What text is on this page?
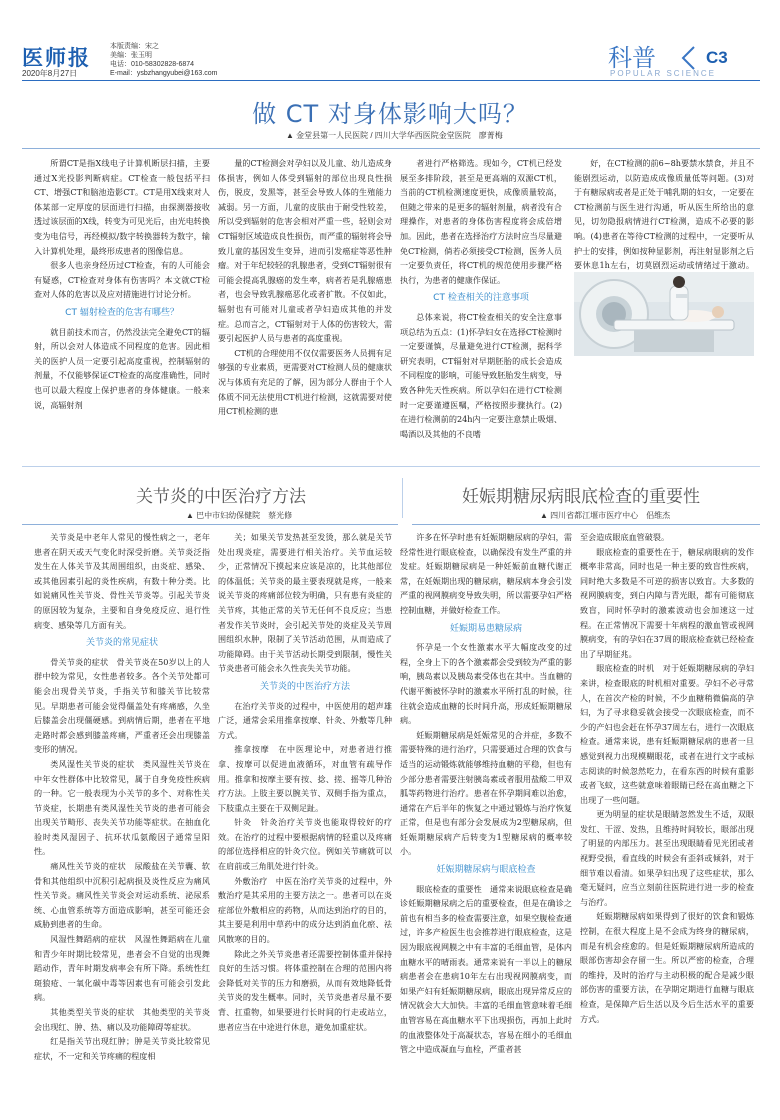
医师报
2020年8月27日
本版责编：宋之
美编：张玉明
电话：010-58302828-6874
E-mail：ysbzhangyubei@163.com
科普
POPULAR SCIENCE
C3
做 CT 对身体影响大吗？
▲ 金堂县第一人民医院 / 四川大学华西医院金堂医院　廖菁梅

所谓CT是指X线电子计算机断层扫描，主要通过X光投影判断病症。CT检查一般包括平扫CT、增强CT和脑池造影CT。CT是用X线束对人体某部一定厚度的层面进行扫描，由探测器接收透过该层面的X线，转变为可见光后，由光电转换变为电信号，再经模拟/数字转换器转为数字，输入计算机处理，最终形成患者的图像信息。

很多人也亲身经历过CT检查，有的人可能会有疑惑，CT检查对身体有伤害吗？本文就CT检查对人体的危害以及应对措施进行讨论分析。

CT 辐射检查的危害有哪些？

就目前技术而言，仍然没法完全避免CT的辐射，所以会对人体造成不同程度的危害。因此相关的医护人员一定要引起高度重视，控制辐射的剂量，不仅能够保证CT检查的高度准确性，同时也可以最大程度上保护患者的身体健康。一般来说，高辐射剂

量的CT检测会对孕妇以及儿童、幼儿造成身体损害，例如人体受到辐射的部位出现良性损伤，脱皮，发黑等，甚至会导致人体的生殖能力减弱。另一方面，儿童的皮肤由于耐受性较差，所以受到辐射的危害会相对严重一些，轻则会对CT辐射区域造成良性损伤，而严重的辐射将会导致儿童的基因发生变异，进而引发癌症等恶性肿瘤。对于年纪较轻的乳腺患者，受到CT辐射很有可能会提高乳腺癌的发生率，病者若是乳腺癌患者，也会导致乳腺癌恶化或者扩散。不仅如此，辐射也有可能对儿童或者孕妇造成其他的并发症。总而言之，CT辐射对于人体的伤害较大，需要引起医护人员与患者的高度重视。

CT机的合理使用不仅仅需要医务人员拥有足够强的专业素质，更需要对CT检测人员的健康状况与体质有充足的了解，因为部分人群由于个人体质不同无法使用CT机进行检测，这就需要对使用CT机检测的患

者进行严格筛选。现如今，CT机已经发展至多排阶段，甚至是更高端的双源CT机，当前的CT机检测速度更快，成像质量较高，但随之带来的是更多的辐射剂量，病者没有合理操作，对患者的身体伤害程度将会成倍增加。因此，患者在选择治疗方法时应当尽量避免CT检测，倘若必须接受CT检测，医务人员一定要负责任，将CT机的规范使用步骤严格执行，为患者的健康作保证。

CT 检查相关的注意事项

总体来说，将CT检查相关的安全注意事项总结为五点：(1)怀孕妇女在选择CT检测时一定要谨慎，尽量避免进行CT检测，据科学研究表明，CT辐射对早期胚胎的成长会造成不同程度的影响，可能导致胚胎发生病变，导致各种先天性疾病。所以孕妇在进行CT检测时一定要谨遵医嘱，严格按照步骤执行。(2)在进行检测前的24h内一定要注意禁止吸烟、喝酒以及其他的不良嗜

好，在CT检测的前6~8h要禁水禁食，并且不能剧烈运动，以防造成成像质量低等问题。(3)对于有糖尿病或者是正处于哺乳期的妇女，一定要在CT检测前与医生进行沟通，听从医生所给出的意见，切勿隐报病情进行CT检测，造成不必要的影响。(4)患者在等待CT检测的过程中，一定要听从护士的安排，例如按种显影剂，再注射显影剂之后要休息1h左右，切莫剧烈运动或情绪过于激动。

关节炎的中医治疗方法
▲ 巴中市妇幼保健院　蔡光修

关节炎是中老年人常见的慢性病之一，老年患者在阴天或天气变化时深受折磨。关节炎泛指发生在人体关节及其周围组织，由炎症、感染、或其他因素引起的炎性疾病，有数十种分类。比如说痛风性关节炎、骨性关节炎等。引起关节炎的原因较为复杂，主要和自身免疫反应、退行性病变、感染等几方面有关。

关节炎的常见症状

骨关节炎的症状　骨关节炎在50岁以上的人群中较为常见，女性患者较多。各个关节处都可能会出现骨关节炎，手指关节和膝关节比较常见。早期患者可能会觉得僵盖处有疼痛感，久坐后膝盖会出现僵硬感。到病情后期，患者在平地走路时都会感到膝盖疼痛，严重者还会出现膝盖变形的情况。

类风湿性关节炎的症状　类风湿性关节炎在中年女性群体中比较常见，属于自身免疫性疾病的一种。它一般表现为小关节的多个、对称性关节炎症，长期患有类风湿性关节炎的患者可能会出现关节畸形、丧失关节功能等症状。在抽血化验时类风湿因子、抗环状瓜氨酸因子通常呈阳性。

痛风性关节炎的症状　尿酸盐在关节囊、软骨和其他组织中沉积引起病损及炎性反应为痛风性关节炎。痛风性关节炎会对运动系统、泌尿系统、心血管系统等方面造成影响，甚至可能还会威胁到患者的生命。

风湿性舞蹈病的症状　风湿性舞蹈病在儿童和青少年时期比较常见，患者会不自觉的出现舞蹈动作，青年时期发病率会有所下降。系统性红斑狼疮、一氧化碳中毒等因素也有可能会引发此病。

其他类型关节炎的症状　其他类型的关节炎会出现红、肿、热、痛以及功能障碍等症状。

红是指关节出现红肿；肿是关节炎比较常见症状，不一定和关节疼痛的程度相

关；如果关节发热甚至发烫，那么就是关节处出现炎症，需要进行相关治疗。关节血运较少，正常情况下摸起来应该是凉的，比其他部位的体温低；关节炎的最主要表现就是疼，一般来说关节炎的疼痛部位较为明确，只有患有炎症的关节疼，其他正常的关节无任何不良反应；当患者发作关节炎时，会引起关节处的炎症及关节周围组织水肿，限制了关节活动范围，从而造成了功能障碍。由于关节活动长期受到限制，慢性关节炎患者可能会永久性丧失关节功能。

关节炎的中医治疗方法

在治疗关节炎的过程中，中医使用的超声雄广泛，通常会采用推拿按摩、针灸、外敷等几种方式。

推拿按摩　在中医理论中，对患者进行推拿、按摩可以促进血液循环，对血管有疏导作用。推拿和按摩主要有按、捻、搓、摇等几种治疗方法。上肢主要以腕关节、双侧手指为重点，下肢重点主要在于双侧足趾。

针灸　针灸治疗关节炎也能取得较好的疗效。在治疗的过程中要根据病情的轻重以及疼痛的部位选择相应的针灸穴位。例如关节痛就可以在肩前或三角肌处进行针灸。

外敷治疗　中医在治疗关节炎的过程中，外敷治疗是其采用的主要方法之一。患者可以在炎症部位外敷相应的药物，从而达到治疗的目的，其主要是利用中草药中的成分达到消血化瘀、祛风散寒的目的。

除此之外关节炎患者还需要控制体重并保持良好的生活习惯。将体重控制在合理的范围内将会降低对关节的压力和磨损，从而有效地降低骨关节炎的发生概率。同时，关节炎患者尽量不要背、扛重物，如果要进行长时间的行走或站立，患者应当在中途进行休息，避免加重症状。

妊娠期糖尿病眼底检查的重要性
▲ 四川省都江堰市医疗中心　侣维杰

许多在怀孕时患有妊娠期糖尿病的孕妇，需经常性进行眼底检查，以确保没有发生严重的并发症。妊娠期糖尿病是一种妊娠前血糖代谢正常，在妊娠期出现的糖尿病，糖尿病本身会引发严重的视网膜病变导致失明，所以需要孕妇严格控制血糖，并做好检查工作。

妊娠期易患糖尿病

怀孕是一个女性激素水平大幅度改变的过程，全身上下的各个激素都会受到较为严重的影响，胰岛素以及胰岛素受体也在其中。当血糖的代谢平衡被怀孕时的激素水平所打乱的时候，往往就会造成血糖的长时间升高，形成妊娠期糖尿病。

妊娠期糖尿病是妊娠常见的合并症，多数不需要特殊的进行治疗，只需要通过合理的饮食与适当的运动锻炼就能够维持血糖的平稳，但也有少部分患者需要注射胰岛素或者服用盐酸二甲双胍等药物进行治疗。患者在怀孕期间难以治愈，通常在产后半年的恢复之中通过锻炼与治疗恢复正常，但是也有部分会发展成为2型糖尿病，但妊娠期糖尿病产后转变为1型糖尿病的概率较小。

妊娠期糖尿病与眼底检查

眼底检查的重要性　通常来说眼底检查是确诊妊娠期糖尿病之后的重要检查，但是在确诊之前也有相当多的检查需要注意，如果空腹检查通过，许多产检医生也会推荐进行眼底检查，这是因为眼底视网膜之中有丰富的毛细血管，是体内血糖水平的晴雨表。通常来说有一半以上的糖尿病患者会在患病10年左右出现视网膜病变，而如果产妇有妊娠期糖尿病，眼底出现异常反应的情况就会大大加快。丰富的毛细血管意味着毛细血管容易在高血糖水平下出现损伤，再加上此时的血液整体处于高凝状态，容易在细小的毛细血管之中造成凝血与血栓，严重者甚

至会造成眼底血管破裂。

眼底检查的重要性在于，糖尿病眼病的发作概率非常高，同时也是一种主要的致盲性疾病，同时绝大多数是不可逆的损害以致盲。大多数的视网膜病变，到白内障与青光眼，都有可能彻底致盲，同时怀孕时的激素波动也会加速这一过程。在正常情况下需要十年病程的激血管或视网膜病变，有的孕妇在37周的眼底检查就已经检查出了早期征兆。

眼底检查的时机　对于妊娠期糖尿病的孕妇来讲，检查眼底的时机相对重要。孕妇不必寻常人，在首次产检的时候，不少血糖稍微偏高的孕妇，为了寻求稳妥就会接受一次眼底检查，而不少的产妇也会赶在怀孕37周左右，进行一次眼底检查。通常来说，患有妊娠期糖尿病的患者一旦感觉到视力出现模糊眼花，或者在进行文字或标志阅读的时候忽然吃力，在看东西的时候有重影或者飞蚊，这些就意味着眼睛已经在高血糖之下出现了一些问题。

更为明显的症状是眼睛忽然发生不适，双眼发红、干涩、发热，且维持时间较长，眼部出现了明显的内部压力。甚至出现眼睛看见光团或者视野受损，看直线的时候会有歪斜或倾斜，对于细节难以看清。如果孕妇出现了这些症状，那么毫无疑问，应当立刻前往医院进行进一步的检查与治疗。

妊娠期糖尿病如果得到了很好的饮食和锻炼控制，在很大程度上是不会成为终身的糖尿病，而是有机会痊愈的。但是妊娠期糖尿病所造成的眼部伤害却会存留一生。所以严密的检查，合理的维持，及时的治疗与主动积极的配合是减少眼部伤害的重要方法，在孕期定期进行血糖与眼底检查，是保障产后生活以及今后生活水平的重要方式。
